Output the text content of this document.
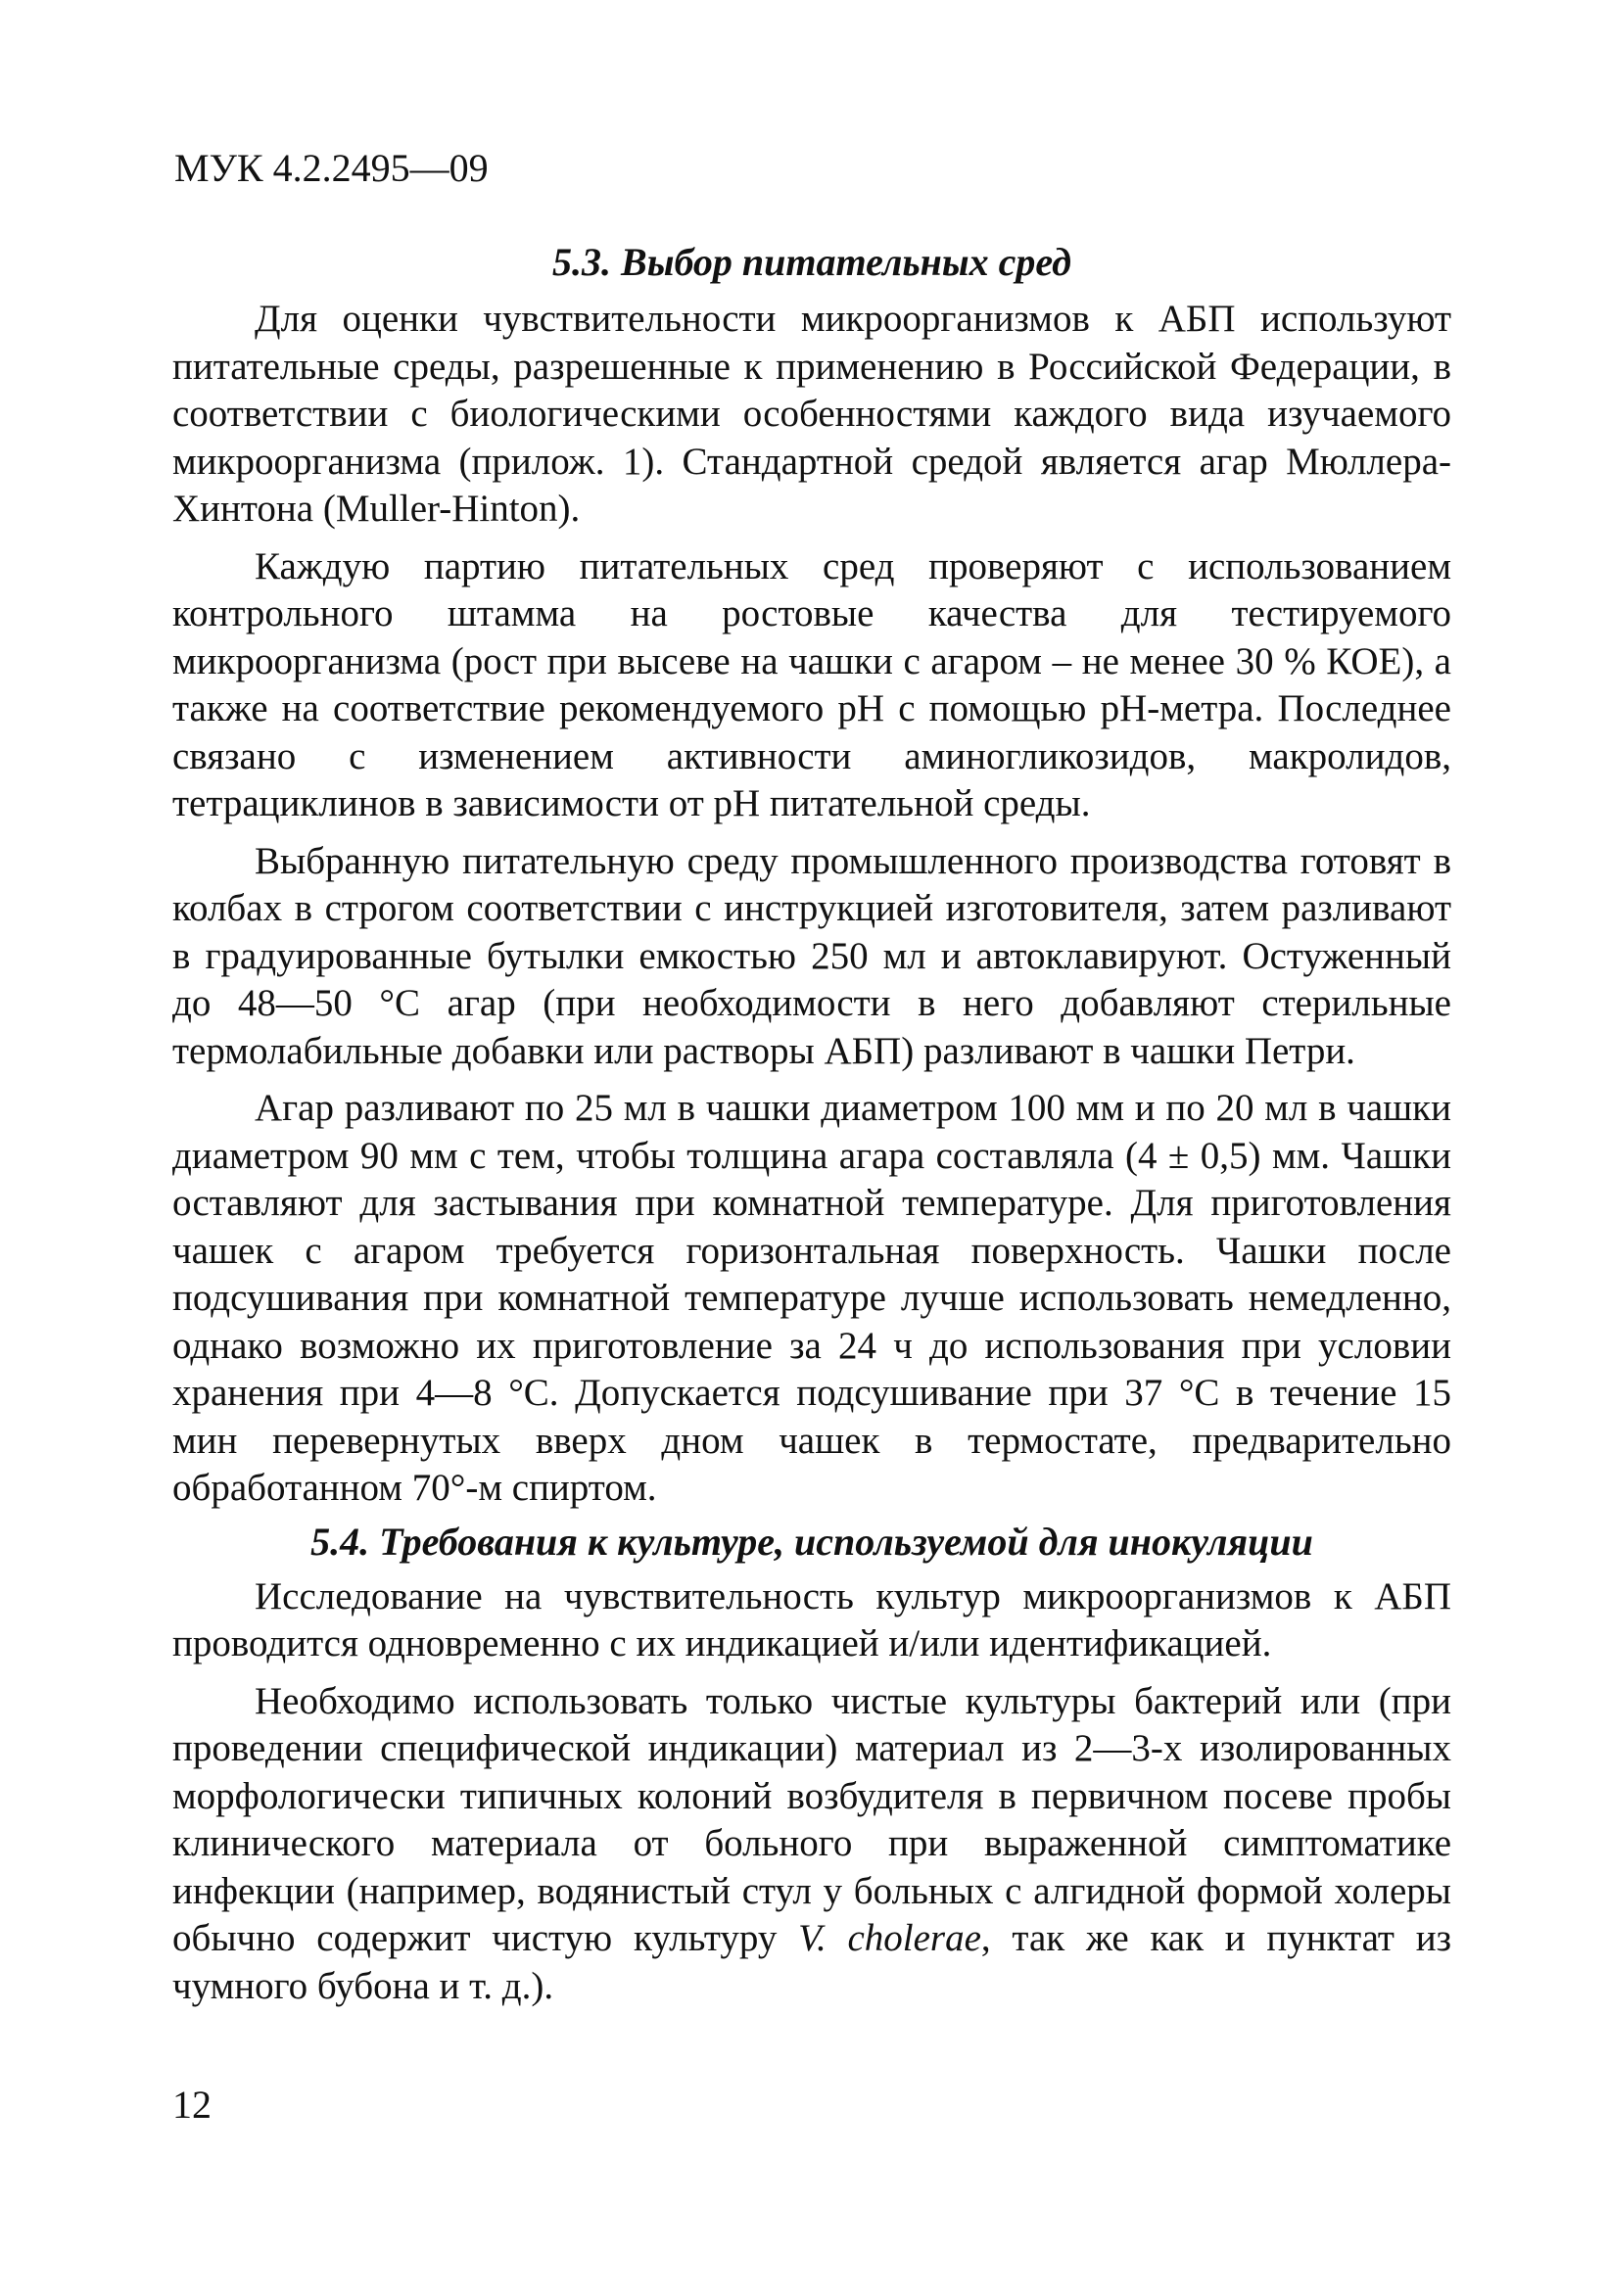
МУК 4.2.2495—09

5.3. Выбор питательных сред

Для оценки чувствительности микроорганизмов к АБП используют питательные среды, разрешенные к применению в Российской Федерации, в соответствии с биологическими особенностями каждого вида изучаемого микроорганизма (прилож. 1). Стандартной средой является агар Мюллера-Хинтона (Muller-Hinton).

Каждую партию питательных сред проверяют с использованием контрольного штамма на ростовые качества для тестируемого микроорганизма (рост при высеве на чашки с агаром – не менее 30 % КОЕ), а также на соответствие рекомендуемого pH с помощью pH-метра. Последнее связано с изменением активности аминогликозидов, макролидов, тетрациклинов в зависимости от pH питательной среды.

Выбранную питательную среду промышленного производства готовят в колбах в строгом соответствии с инструкцией изготовителя, затем разливают в градуированные бутылки емкостью 250 мл и автоклавируют. Остуженный до 48—50 °С агар (при необходимости в него добавляют стерильные термолабильные добавки или растворы АБП) разливают в чашки Петри.

Агар разливают по 25 мл в чашки диаметром 100 мм и по 20 мл в чашки диаметром 90 мм с тем, чтобы толщина агара составляла (4 ± 0,5) мм. Чашки оставляют для застывания при комнатной температуре. Для приготовления чашек с агаром требуется горизонтальная поверхность. Чашки после подсушивания при комнатной температуре лучше использовать немедленно, однако возможно их приготовление за 24 ч до использования при условии хранения при 4—8 °С. Допускается подсушивание при 37 °С в течение 15 мин перевернутых вверх дном чашек в термостате, предварительно обработанном 70°-м спиртом.

5.4. Требования к культуре, используемой для инокуляции

Исследование на чувствительность культур микроорганизмов к АБП проводится одновременно с их индикацией и/или идентификацией.

Необходимо использовать только чистые культуры бактерий или (при проведении специфической индикации) материал из 2—3-х изолированных морфологически типичных колоний возбудителя в первичном посеве пробы клинического материала от больного при выраженной симптоматике инфекции (например, водянистый стул у больных с алгидной формой холеры обычно содержит чистую культуру V. cholerae, так же как и пунктат из чумного бубона и т. д.).

12
